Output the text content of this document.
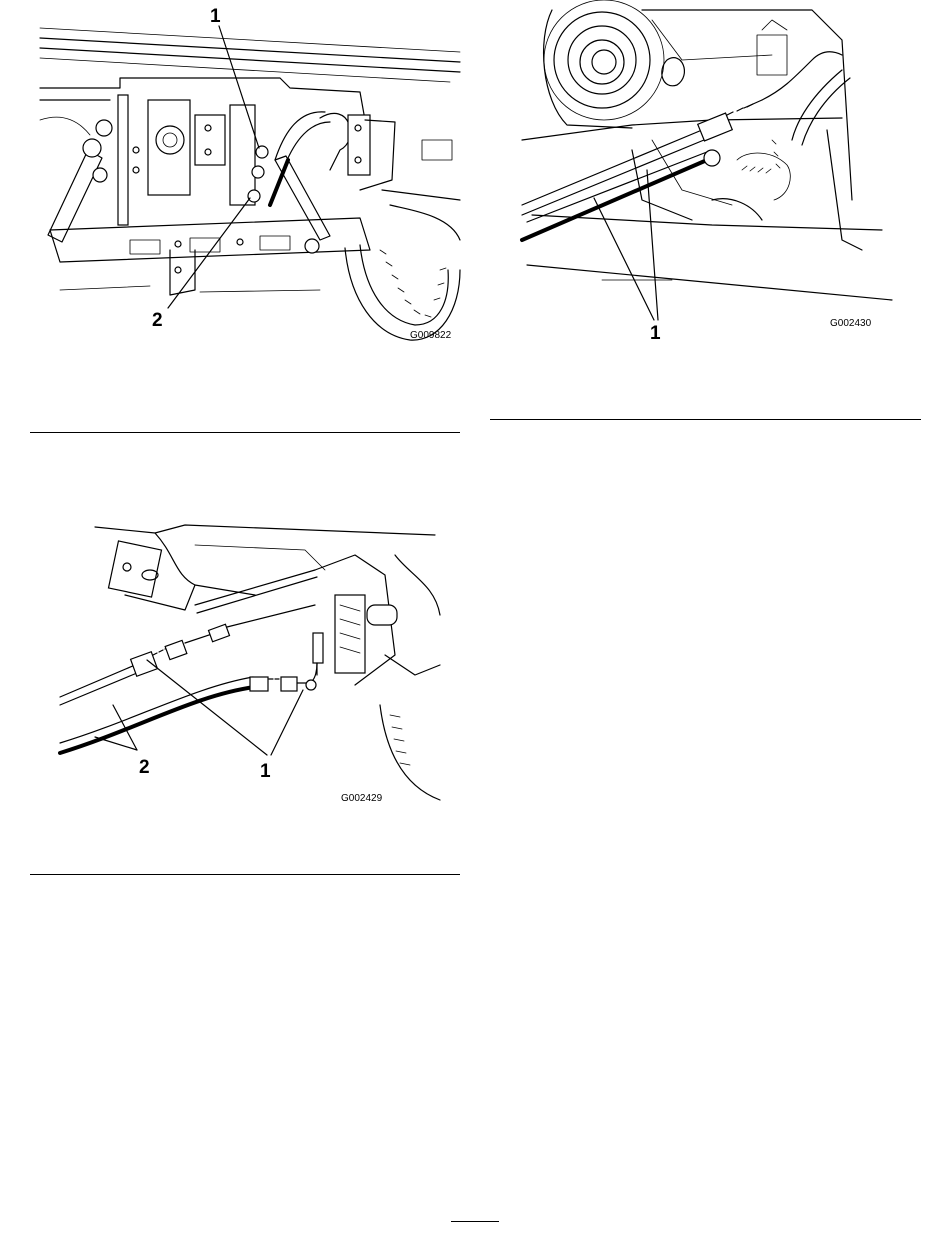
1
2
G009822	1	G002430
1
2
G002429
